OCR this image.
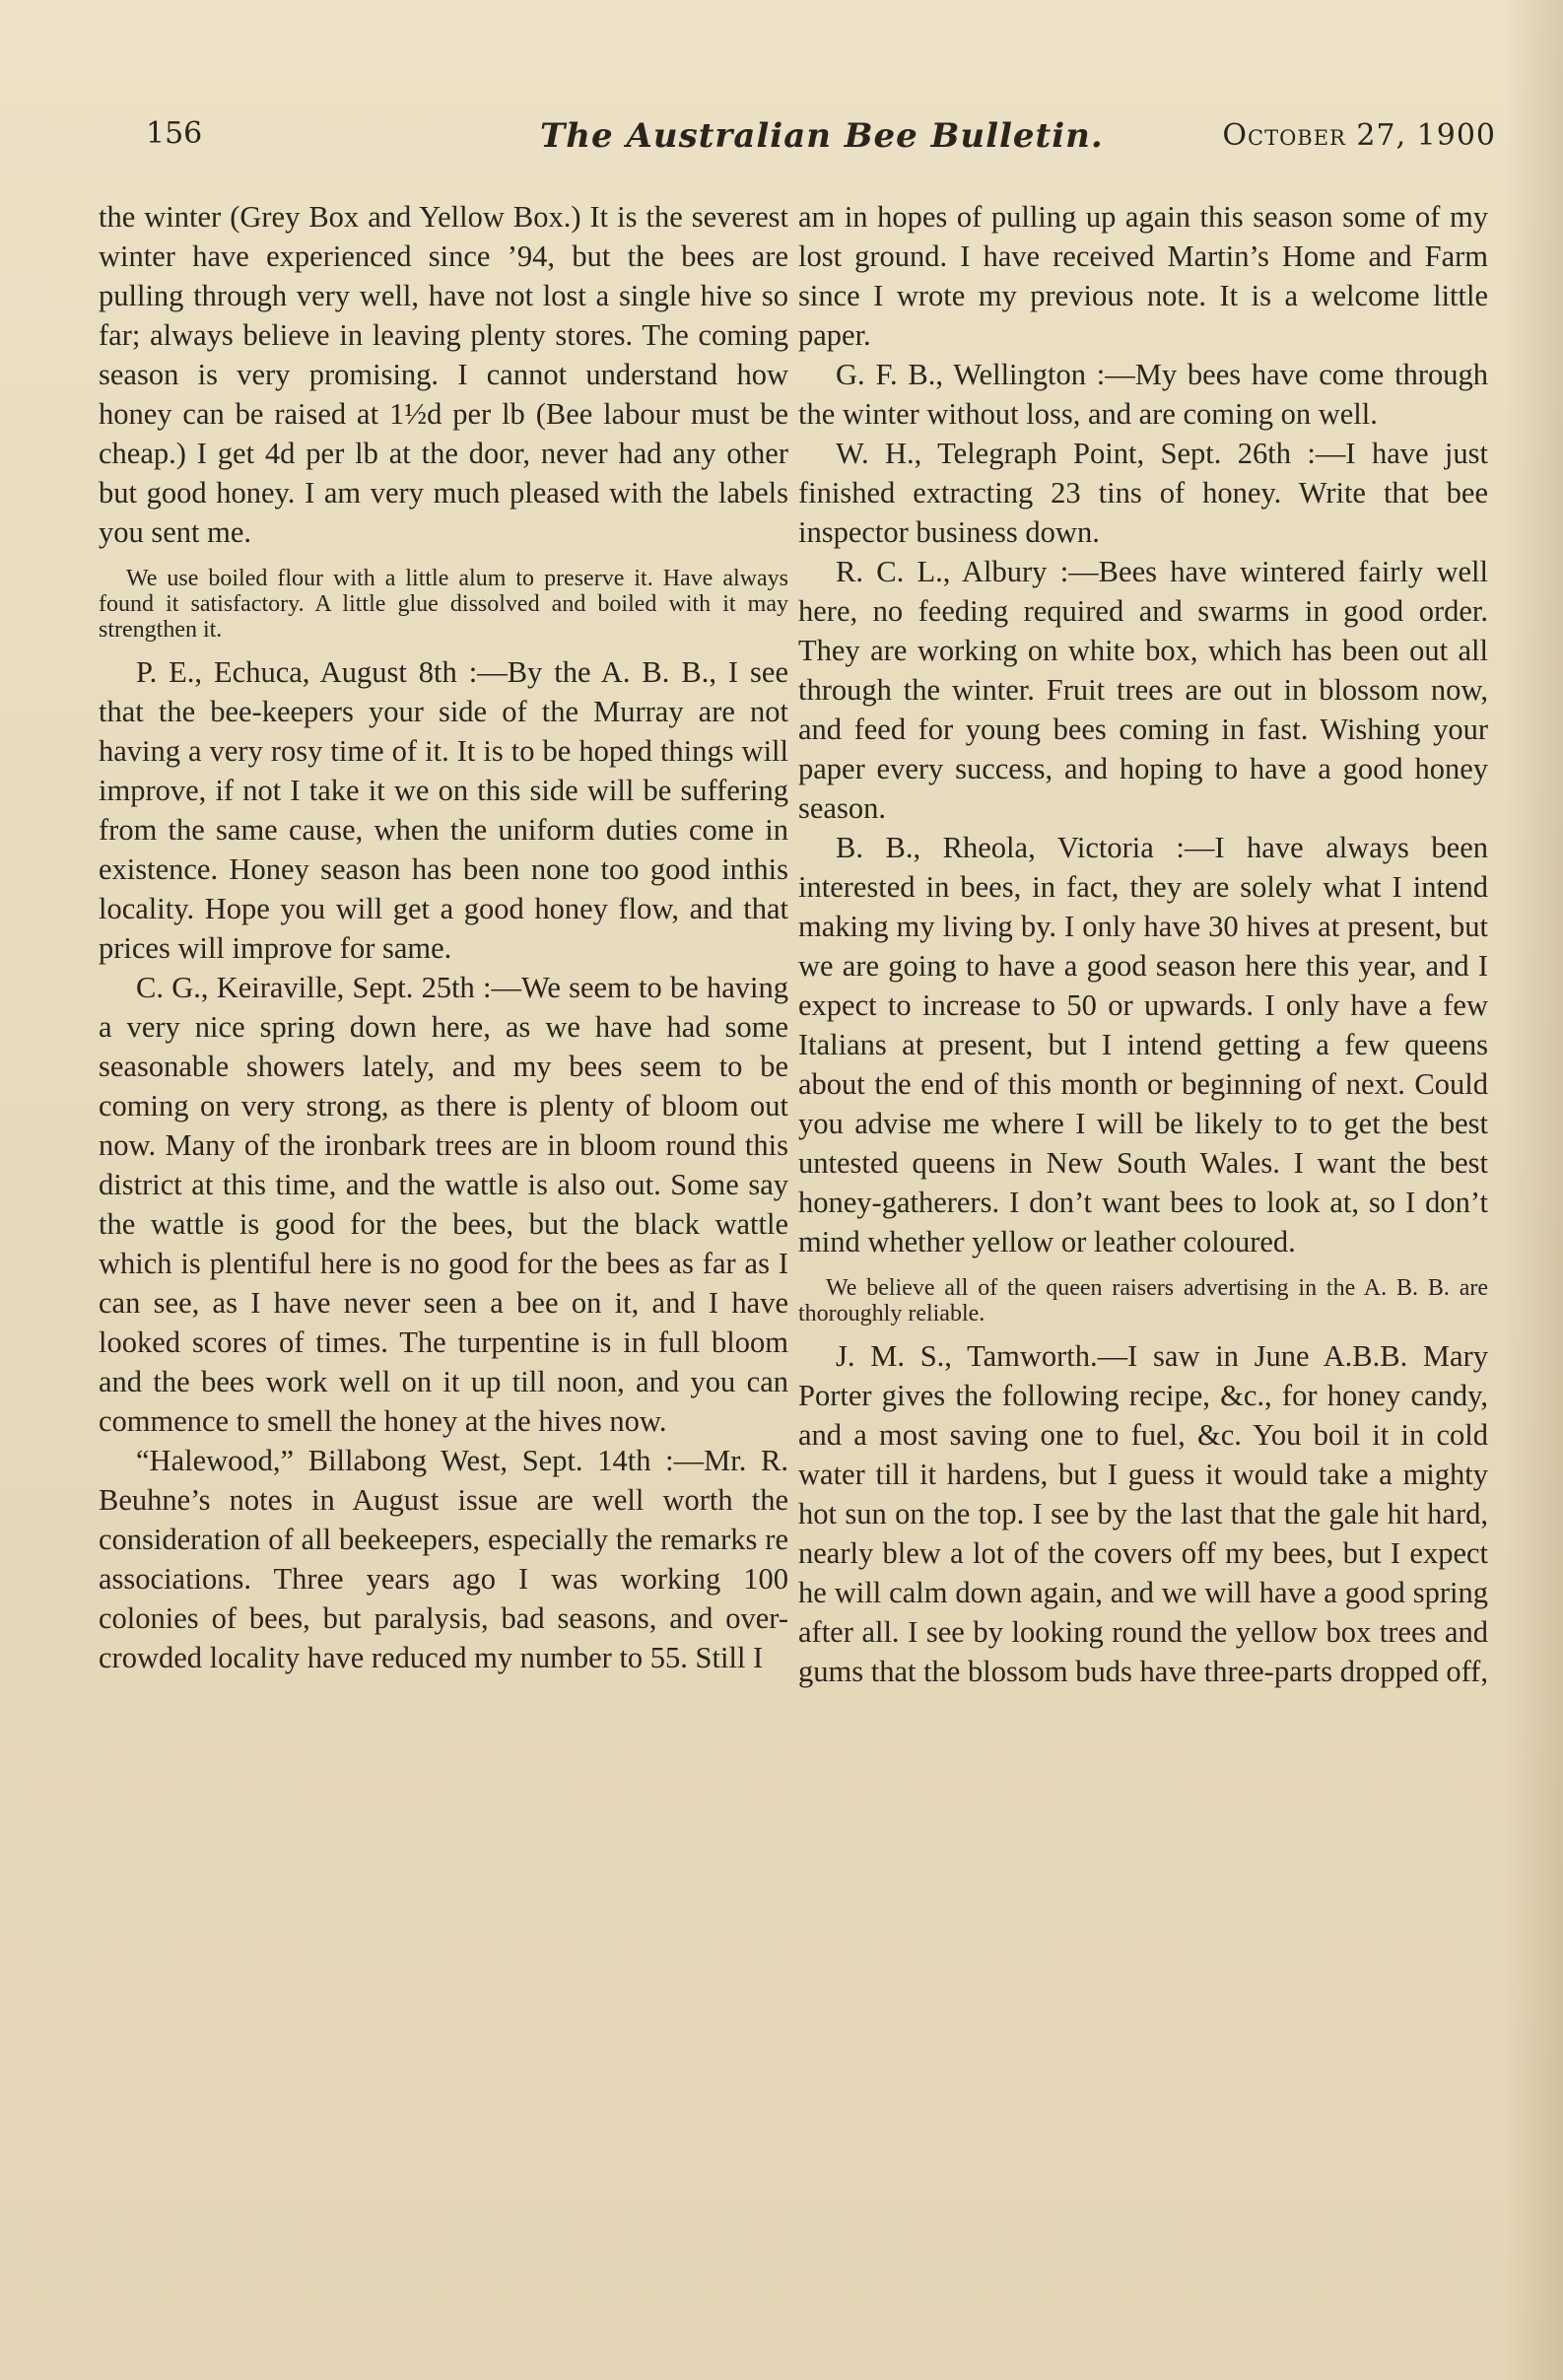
156	The Australian Bee Bulletin.	October 27, 1900

the winter (Grey Box and Yellow Box.) It is the severest winter have experienced since ’94, but the bees are pulling through very well, have not lost a single hive so far; always believe in leaving plenty stores. The coming season is very promising. I cannot understand how honey can be raised at 1½d per lb (Bee labour must be cheap.) I get 4d per lb at the door, never had any other but good honey. I am very much pleased with the labels you sent me.

We use boiled flour with a little alum to preserve it. Have always found it satisfactory. A little glue dissolved and boiled with it may strengthen it.

P. E., Echuca, August 8th :—By the A. B. B., I see that the bee-keepers your side of the Murray are not having a very rosy time of it. It is to be hoped things will improve, if not I take it we on this side will be suffering from the same cause, when the uniform duties come in existence. Honey season has been none too good inthis locality. Hope you will get a good honey flow, and that prices will improve for same.

C. G., Keiraville, Sept. 25th :—We seem to be having a very nice spring down here, as we have had some seasonable showers lately, and my bees seem to be coming on very strong, as there is plenty of bloom out now. Many of the ironbark trees are in bloom round this district at this time, and the wattle is also out. Some say the wattle is good for the bees, but the black wattle which is plentiful here is no good for the bees as far as I can see, as I have never seen a bee on it, and I have looked scores of times. The turpentine is in full bloom and the bees work well on it up till noon, and you can commence to smell the honey at the hives now.

“Halewood,” Billabong West, Sept. 14th :—Mr. R. Beuhne’s notes in August issue are well worth the consideration of all beekeepers, especially the remarks re associations. Three years ago I was working 100 colonies of bees, but paralysis, bad seasons, and over-crowded locality have reduced my number to 55. Still I

am in hopes of pulling up again this season some of my lost ground. I have received Martin’s Home and Farm since I wrote my previous note. It is a welcome little paper.

G. F. B., Wellington :—My bees have come through the winter without loss, and are coming on well.

W. H., Telegraph Point, Sept. 26th :—I have just finished extracting 23 tins of honey. Write that bee inspector business down.

R. C. L., Albury :—Bees have wintered fairly well here, no feeding required and swarms in good order. They are working on white box, which has been out all through the winter. Fruit trees are out in blossom now, and feed for young bees coming in fast. Wishing your paper every success, and hoping to have a good honey season.

B. B., Rheola, Victoria :—I have always been interested in bees, in fact, they are solely what I intend making my living by. I only have 30 hives at present, but we are going to have a good season here this year, and I expect to increase to 50 or upwards. I only have a few Italians at present, but I intend getting a few queens about the end of this month or beginning of next. Could you advise me where I will be likely to to get the best untested queens in New South Wales. I want the best honey-gatherers. I don’t want bees to look at, so I don’t mind whether yellow or leather coloured.

We believe all of the queen raisers advertising in the A. B. B. are thoroughly reliable.

J. M. S., Tamworth.—I saw in June A.B.B. Mary Porter gives the following recipe, &c., for honey candy, and a most saving one to fuel, &c. You boil it in cold water till it hardens, but I guess it would take a mighty hot sun on the top. I see by the last that the gale hit hard, nearly blew a lot of the covers off my bees, but I expect he will calm down again, and we will have a good spring after all. I see by looking round the yellow box trees and gums that the blossom buds have three-parts dropped off,
